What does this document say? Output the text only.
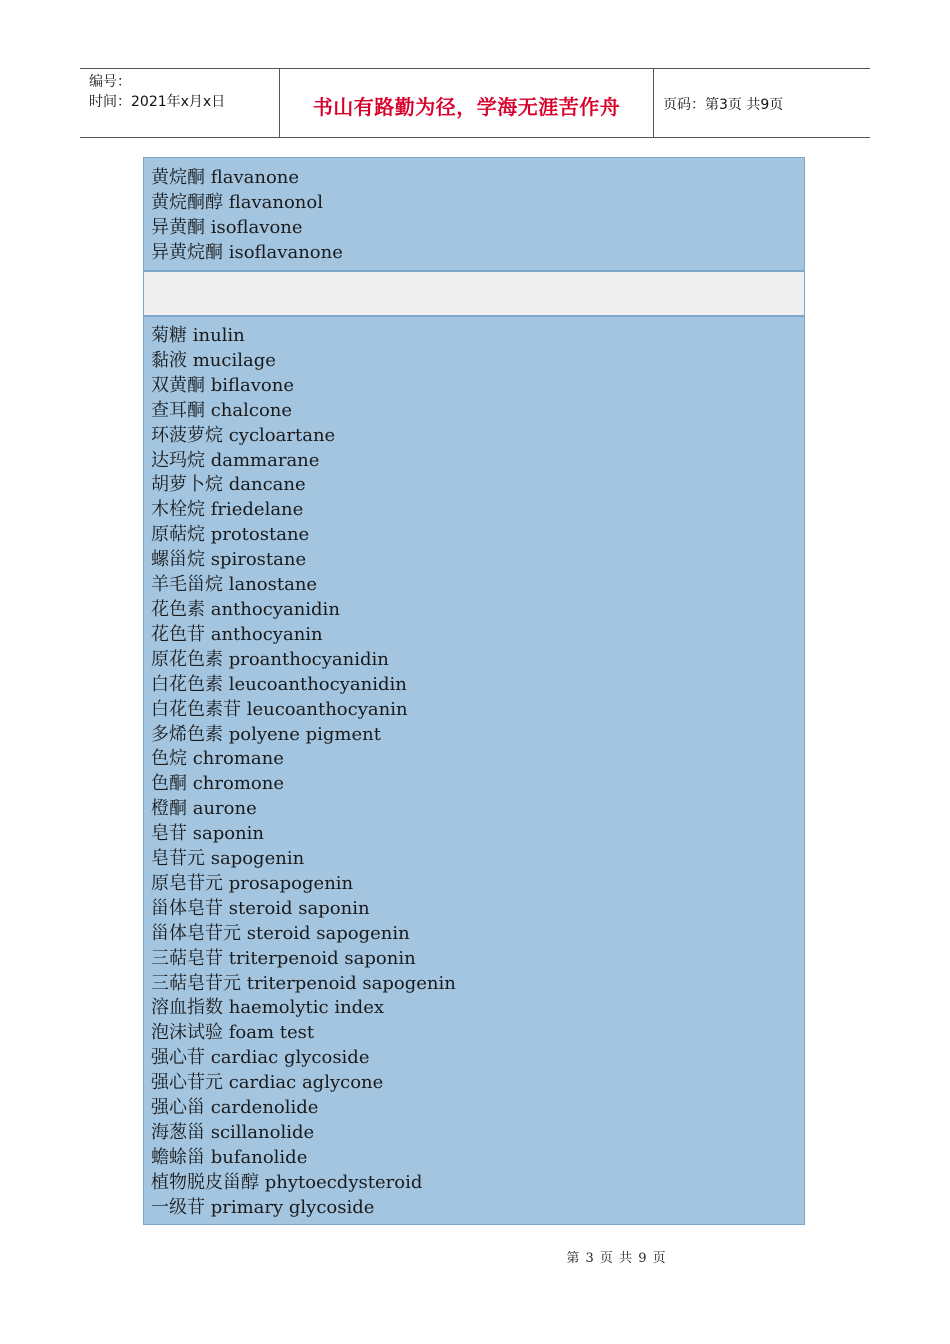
编号：
时间：2021年x月x日	书山有路勤为径，学海无涯苦作舟	页码：第3页 共9页
黄烷酮 flavanone
黄烷酮醇 flavanonol
异黄酮 isoflavone
异黄烷酮 isoflavanone
菊糖 inulin
黏液 mucilage
双黄酮 biflavone
查耳酮 chalcone
环菠萝烷 cycloartane
达玛烷 dammarane
胡萝卜烷 dancane
木栓烷 friedelane
原萜烷 protostane
螺甾烷 spirostane
羊毛甾烷 lanostane
花色素 anthocyanidin
花色苷 anthocyanin
原花色素 proanthocyanidin
白花色素 leucoanthocyanidin
白花色素苷 leucoanthocyanin
多烯色素 polyene pigment
色烷 chromane
色酮 chromone
橙酮 aurone
皂苷 saponin
皂苷元 sapogenin
原皂苷元 prosapogenin
甾体皂苷 steroid saponin
甾体皂苷元 steroid sapogenin
三萜皂苷 triterpenoid saponin
三萜皂苷元 triterpenoid sapogenin
溶血指数 haemolytic index
泡沫试验 foam test
强心苷 cardiac glycoside
强心苷元 cardiac aglycone
强心甾 cardenolide
海葱甾 scillanolide
蟾蜍甾 bufanolide
植物脱皮甾醇 phytoecdysteroid
一级苷 primary glycoside
第 3 页 共 9 页
